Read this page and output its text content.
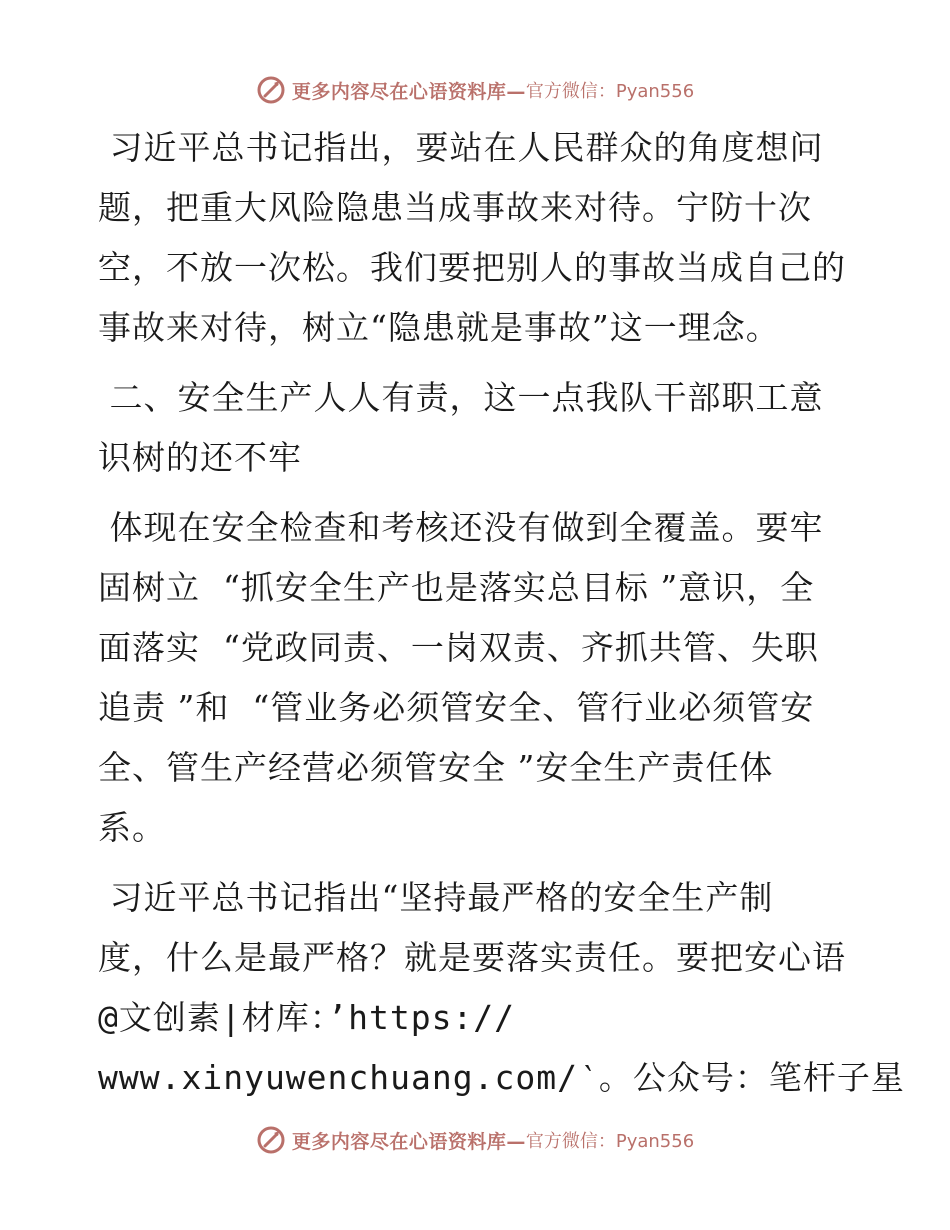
更多内容尽在心语资料库— 官方微信：Pyan556
习近平总书记指出，要站在人民群众的角度想问
题，把重大风险隐患当成事故来对待。宁防十次
空，不放一次松。我们要把别人的事故当成自己的
事故来对待，树立“隐患就是事故”这一理念。
二、安全生产人人有责，这一点我队干部职工意
识树的还不牢
体现在安全检查和考核还没有做到全覆盖。要牢
固树立  “抓安全生产也是落实总目标 ”意识，全
面落实  “党政同责、一岗双责、齐抓共管、失职
追责 ”和  “管业务必须管安全、管行业必须管安
全、管生产经营必须管安全 ”安全生产责任体
系。
习近平总书记指出“坚持最严格的安全生产制
度，什么是最严格？就是要落实责任。要把安心语
@文创素|材库：’https://
www.xinyuwenchuang.com/‵。公众号：笔杆子星
更多内容尽在心语资料库— 官方微信：Pyan556
